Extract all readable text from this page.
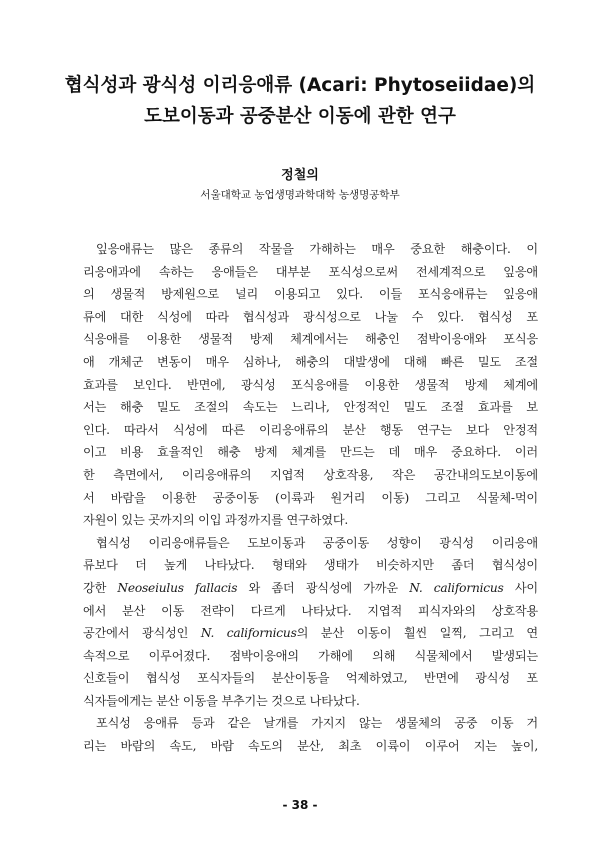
협식성과 광식성 이리응애류 (Acari: Phytoseiidae)의
도보이동과 공중분산 이동에 관한 연구
정철의
서울대학교 농업생명과학대학 농생명공학부
잎응애류는 많은 종류의 작물을 가해하는 매우 중요한 해충이다. 이
리응애과에 속하는 응애들은 대부분 포식성으로써 전세계적으로 잎응애
의 생물적 방제원으로 널리 이용되고 있다. 이들 포식응애류는 잎응애
류에 대한 식성에 따라 협식성과 광식성으로 나눌 수 있다. 협식성 포
식응애를 이용한 생물적 방제 체계에서는 해충인 점박이응애와 포식응
애 개체군 변동이 매우 심하나, 해충의 대발생에 대해 빠른 밀도 조절
효과를 보인다. 반면에, 광식성 포식응애를 이용한 생물적 방제 체계에
서는 해충 밀도 조절의 속도는 느리나, 안정적인 밀도 조절 효과를 보
인다. 따라서 식성에 따른 이리응애류의 분산 행동 연구는 보다 안정적
이고 비용 효율적인 해충 방제 체계를 만드는 데 매우 중요하다. 이러
한 측면에서, 이리응애류의 지엽적 상호작용, 작은 공간내의도보이동에
서 바람을 이용한 공중이동 (이륙과 원거리 이동) 그리고 식물체-먹이
자원이 있는 곳까지의 이입 과정까지를 연구하였다.
협식성 이리응애류들은 도보이동과 공중이동 성향이 광식성 이리응애
류보다 더 높게 나타났다. 형태와 생태가 비슷하지만 좀더 협식성이
강한 Neoseiulus fallacis 와 좀더 광식성에 가까운 N. californicus 사이
에서 분산 이동 전략이 다르게 나타났다. 지엽적 피식자와의 상호작용
공간에서 광식성인 N. californicus의 분산 이동이 훨씬 일찍, 그리고 연
속적으로 이루어졌다. 점박이응애의 가해에 의해 식물체에서 발생되는
신호들이 협식성 포식자들의 분산이동을 억제하였고, 반면에 광식성 포
식자들에게는 분산 이동을 부추기는 것으로 나타났다.
포식성 응애류 등과 같은 날개를 가지지 않는 생물체의 공중 이동 거
리는 바람의 속도, 바람 속도의 분산, 최초 이륙이 이루어 지는 높이,
- 38 -
